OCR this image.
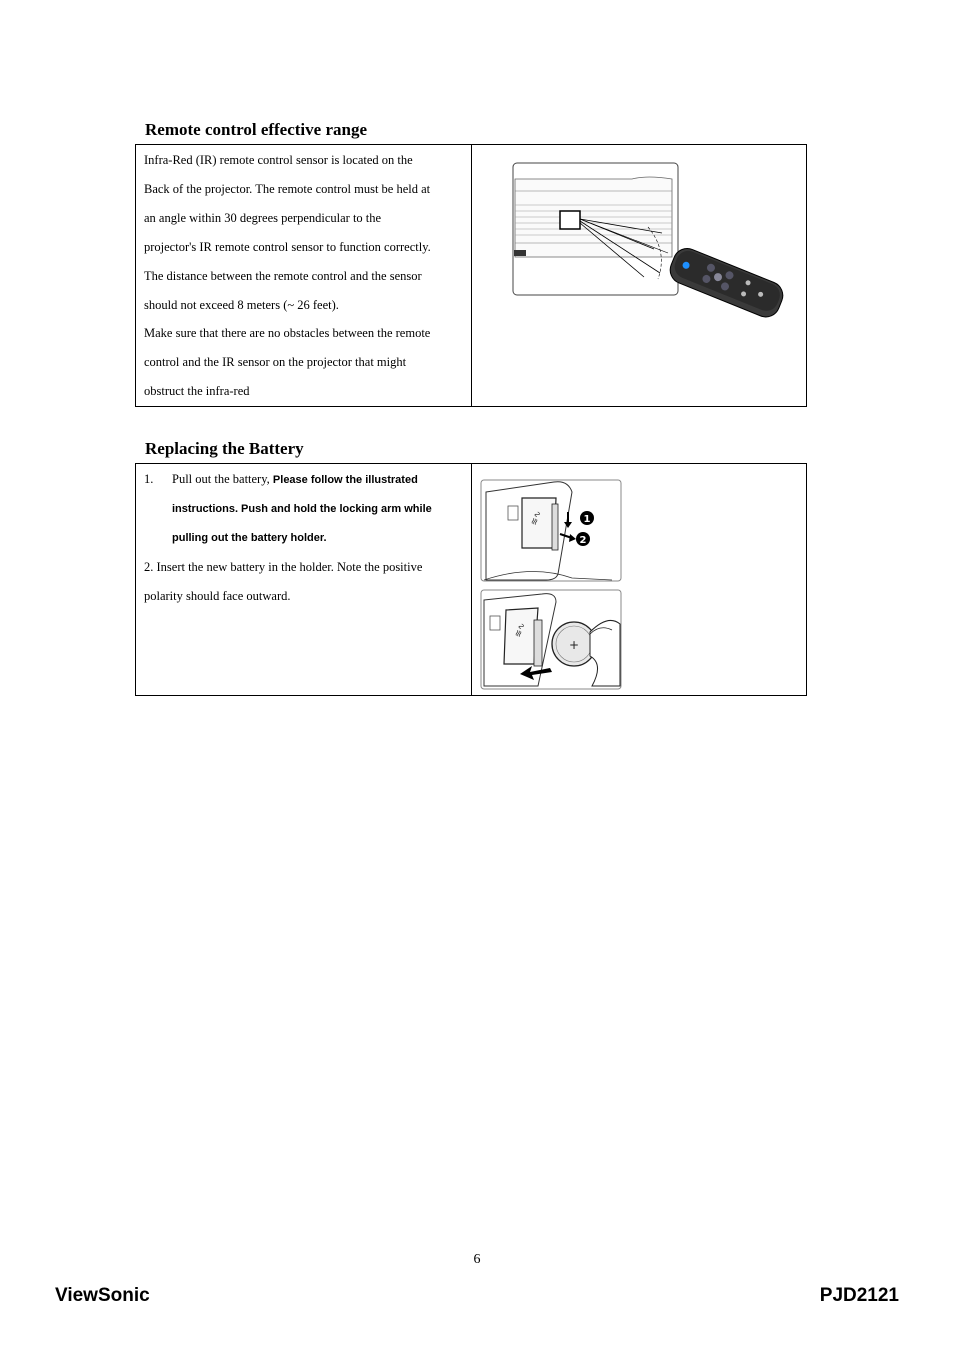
Remote control effective range

Infra-Red (IR) remote control sensor is located on the

Back of the projector. The remote control must be held at

an angle within 30 degrees perpendicular to the

projector's IR remote control sensor to function correctly.

The distance between the remote control and the sensor

should not exceed 8 meters (~ 26 feet).

Make sure that there are no obstacles between the remote

control and the IR sensor on the projector that might

obstruct the infra-red

Replacing the Battery
1.	Pull out the battery, Please follow the illustrated
instructions. Push and hold the locking arm while
pulling out the battery holder.

2. Insert the new battery in the holder. Note the positive

polarity should face outward.

≋∿	1
2
≋∿
+
6
ViewSonic	PJD2121
